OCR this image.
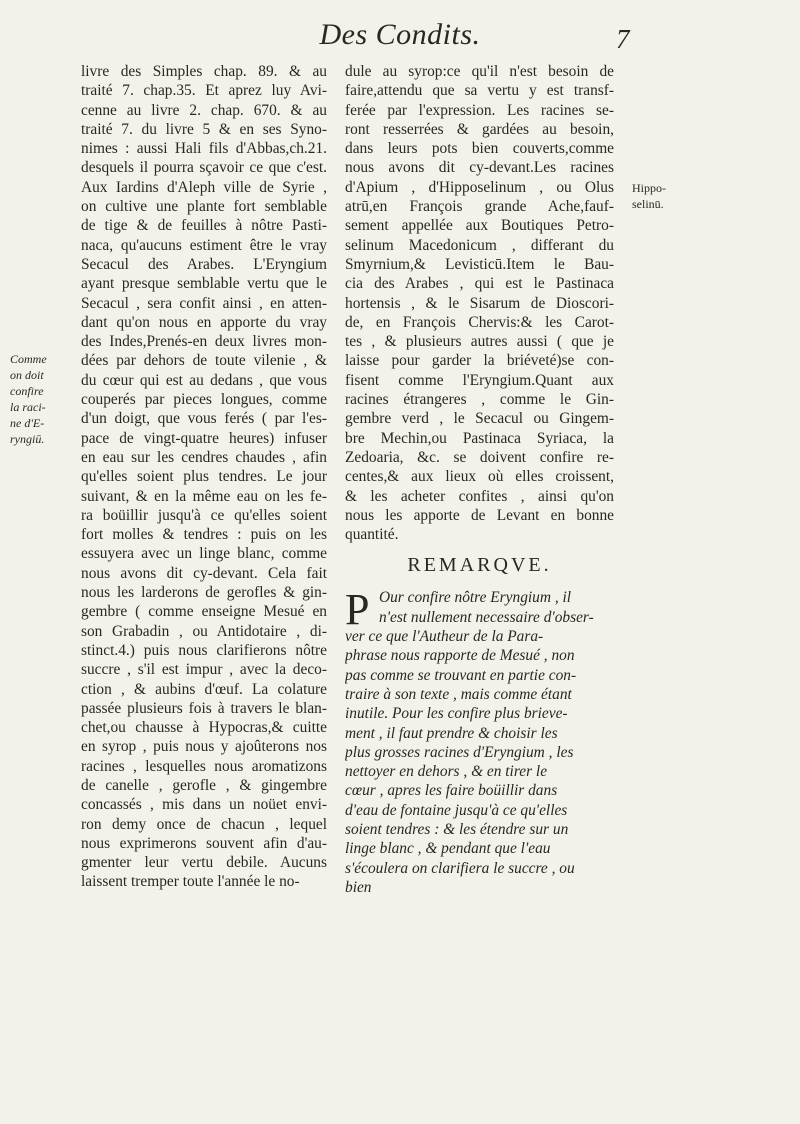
Des Condits.	7
Comme
on doit
confire
la raci-
ne d'E-
ryngiū.
Hippo-
selinū.
livre des Simples chap. 89. & au
traité 7. chap.35. Et aprez luy Avi-
cenne au livre 2. chap. 670. & au
traité 7. du livre 5 & en ses Syno-
nimes : aussi Hali fils d'Abbas,ch.21.
desquels il pourra sçavoir ce que c'est.
Aux Iardins d'Aleph ville de Syrie ,
on cultive une plante fort semblable
de tige & de feuilles à nôtre Pasti-
naca, qu'aucuns estiment être le vray
Secacul des Arabes. L'Eryngium
ayant presque semblable vertu que le
Secacul , sera confit ainsi , en atten-
dant qu'on nous en apporte du vray
des Indes,Prenés-en deux livres mon-
dées par dehors de toute vilenie , &
du cœur qui est au dedans , que vous
couperés par pieces longues, comme
d'un doigt, que vous ferés ( par l'es-
pace de vingt-quatre heures) infuser
en eau sur les cendres chaudes , afin
qu'elles soient plus tendres. Le jour
suivant, & en la même eau on les fe-
ra boüillir jusqu'à ce qu'elles soient
fort molles & tendres : puis on les
essuyera avec un linge blanc, comme
nous avons dit cy-devant. Cela fait
nous les larderons de gerofles & gin-
gembre ( comme enseigne Mesué en
son Grabadin , ou Antidotaire , di-
stinct.4.) puis nous clarifierons nôtre
succre , s'il est impur , avec la deco-
ction , & aubins d'œuf. La colature
passée plusieurs fois à travers le blan-
chet,ou chausse à Hypocras,& cuitte
en syrop , puis nous y ajoûterons nos
racines , lesquelles nous aromatizons
de canelle , gerofle , & gingembre
concassés , mis dans un noüet envi-
ron demy once de chacun , lequel
nous exprimerons souvent afin d'au-
gmenter leur vertu debile. Aucuns
laissent tremper toute l'année le no-
dule au syrop:ce qu'il n'est besoin de
faire,attendu que sa vertu y est transf-
ferée par l'expression. Les racines se-
ront resserrées & gardées au besoin,
dans leurs pots bien couverts,comme
nous avons dit cy-devant.Les racines
d'Apium , d'Hipposelinum , ou Olus
atrū,en François grande Ache,fauf-
sement appellée aux Boutiques Petro-
selinum Macedonicum , differant du
Smyrnium,& Levisticū.Item le Bau-
cia des Arabes , qui est le Pastinaca
hortensis , & le Sisarum de Dioscori-
de, en François Chervis:& les Carot-
tes , & plusieurs autres aussi ( que je
laisse pour garder la briéveté)se con-
fisent comme l'Eryngium.Quant aux
racines étrangeres , comme le Gin-
gembre verd , le Secacul ou Gingem-
bre Mechin,ou Pastinaca Syriaca, la
Zedoaria, &c. se doivent confire re-
centes,& aux lieux où elles croissent,
& les acheter confites , ainsi qu'on
nous les apporte de Levant en bonne
quantité.
REMARQVE.
P Our confire nôtre Eryngium , il
n'est nullement necessaire d'obser-
ver ce que l'Autheur de la Para-
phrase nous rapporte de Mesué , non
pas comme se trouvant en partie con-
traire à son texte , mais comme étant
inutile. Pour les confire plus brieve-
ment , il faut prendre & choisir les
plus grosses racines d'Eryngium , les
nettoyer en dehors , & en tirer le
cœur , apres les faire boüillir dans
d'eau de fontaine jusqu'à ce qu'elles
soient tendres : & les étendre sur un
linge blanc , & pendant que l'eau
s'écoulera on clarifiera le succre , ou
bien
